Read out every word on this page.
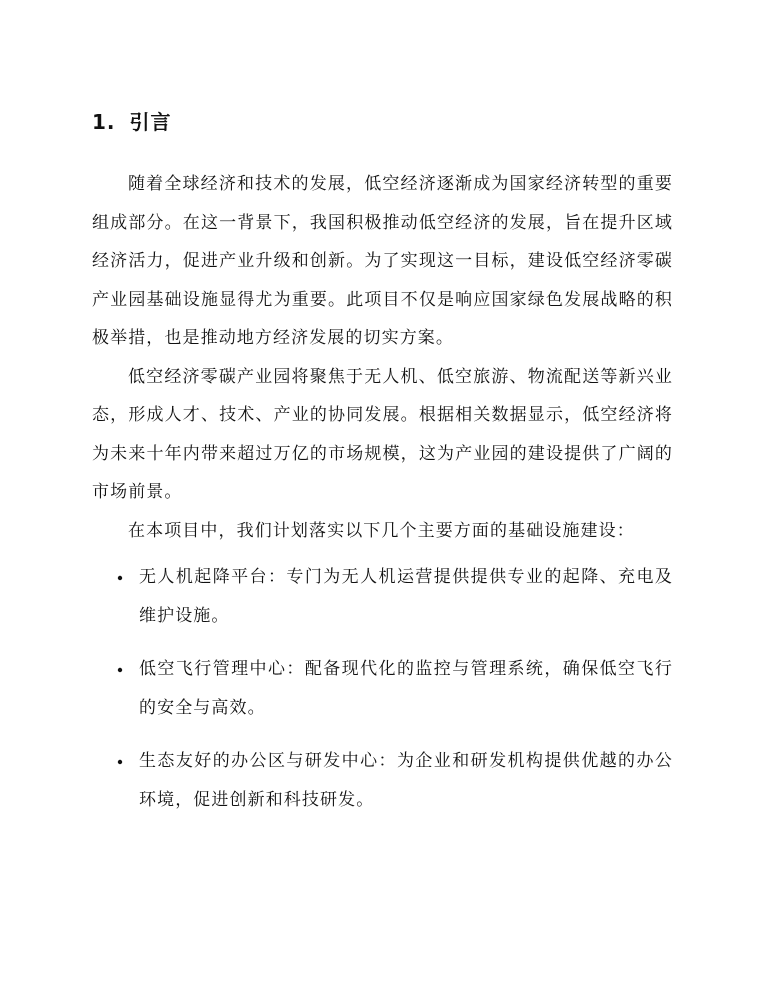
1. 引言

随着全球经济和技术的发展，低空经济逐渐成为国家经济转型的重要组成部分。在这一背景下，我国积极推动低空经济的发展，旨在提升区域经济活力，促进产业升级和创新。为了实现这一目标，建设低空经济零碳产业园基础设施显得尤为重要。此项目不仅是响应国家绿色发展战略的积极举措，也是推动地方经济发展的切实方案。

低空经济零碳产业园将聚焦于无人机、低空旅游、物流配送等新兴业态，形成人才、技术、产业的协同发展。根据相关数据显示，低空经济将为未来十年内带来超过万亿的市场规模，这为产业园的建设提供了广阔的市场前景。

在本项目中，我们计划落实以下几个主要方面的基础设施建设：

无人机起降平台：专门为无人机运营提供提供专业的起降、充电及维护设施。
低空飞行管理中心：配备现代化的监控与管理系统，确保低空飞行的安全与高效。
生态友好的办公区与研发中心：为企业和研发机构提供优越的办公环境，促进创新和科技研发。
